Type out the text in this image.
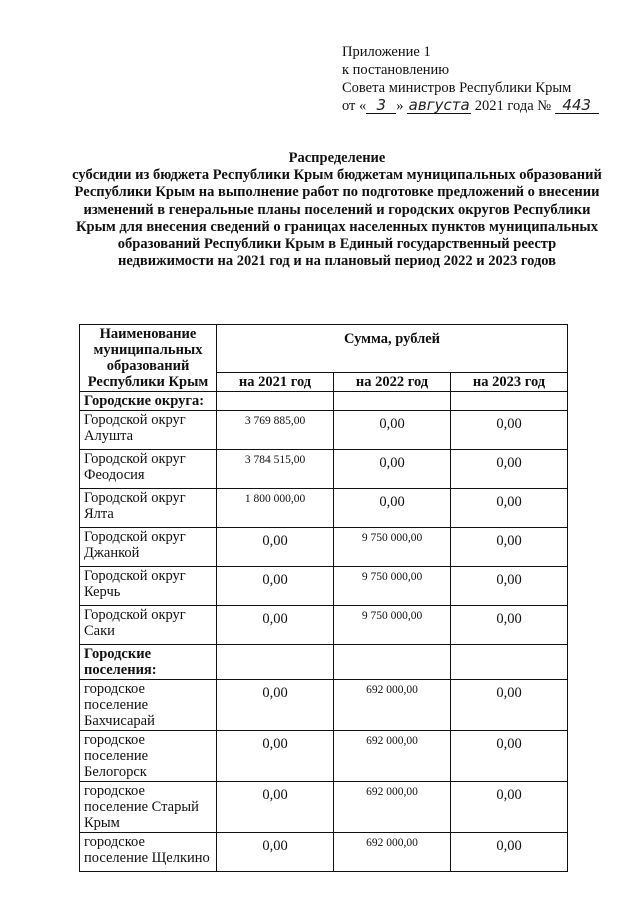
Приложение 1
к постановлению
Совета министров Республики Крым
от « 3 » августа 2021 года № 443
Распределение
субсидии из бюджета Республики Крым бюджетам муниципальных образований Республики Крым на выполнение работ по подготовке предложений о внесении изменений в генеральные планы поселений и городских округов Республики Крым для внесения сведений о границах населенных пунктов муниципальных образований Республики Крым в Единый государственный реестр недвижимости на 2021 год и на плановый период 2022 и 2023 годов
Наименование муниципальных образований Республики Крым	Сумма, рублей		
	на 2021 год	на 2022 год	на 2023 год
Городские округа:			
Городской округ Алушта	3 769 885,00	0,00	0,00
Городской округ Феодосия	3 784 515,00	0,00	0,00
Городской округ Ялта	1 800 000,00	0,00	0,00
Городской округ Джанкой	0,00	9 750 000,00	0,00
Городской округ Керчь	0,00	9 750 000,00	0,00
Городской округ Саки	0,00	9 750 000,00	0,00
Городские поселения:			
городское поселение Бахчисарай	0,00	692 000,00	0,00
городское поселение Белогорск	0,00	692 000,00	0,00
городское поселение Старый Крым	0,00	692 000,00	0,00
городское поселение Щелкино	0,00	692 000,00	0,00
